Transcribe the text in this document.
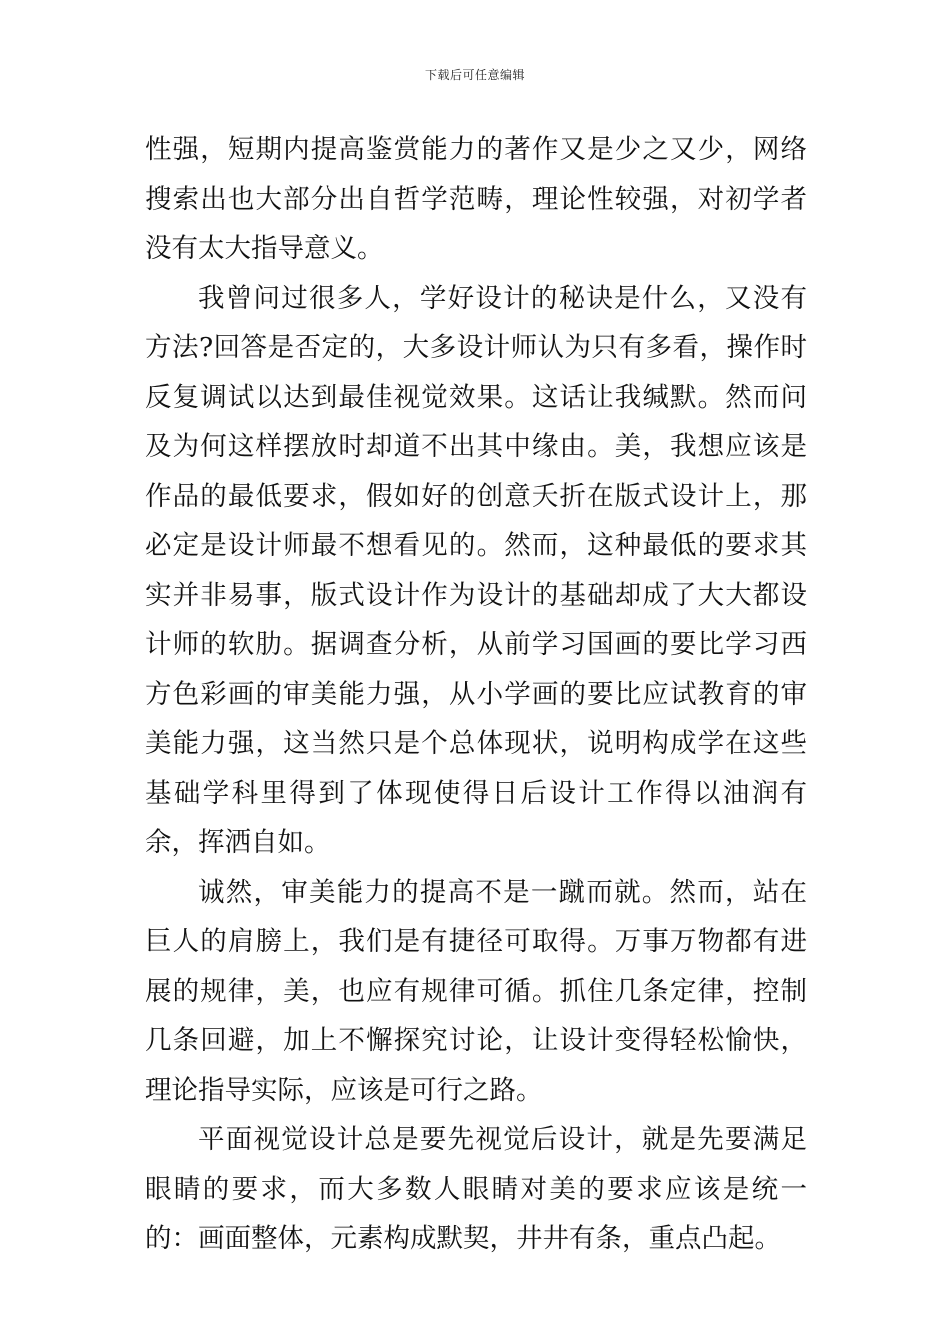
下载后可任意编辑

性强，短期内提高鉴赏能力的著作又是少之又少，网络搜索出也大部分出自哲学范畴，理论性较强，对初学者没有太大指导意义。

我曾问过很多人，学好设计的秘诀是什么，又没有方法?回答是否定的，大多设计师认为只有多看，操作时反复调试以达到最佳视觉效果。这话让我缄默。然而问及为何这样摆放时却道不出其中缘由。美，我想应该是作品的最低要求，假如好的创意夭折在版式设计上，那必定是设计师最不想看见的。然而，这种最低的要求其实并非易事，版式设计作为设计的基础却成了大大都设计师的软肋。据调查分析，从前学习国画的要比学习西方色彩画的审美能力强，从小学画的要比应试教育的审美能力强，这当然只是个总体现状，说明构成学在这些基础学科里得到了体现使得日后设计工作得以油润有余，挥洒自如。

诚然，审美能力的提高不是一蹴而就。然而，站在巨人的肩膀上，我们是有捷径可取得。万事万物都有进展的规律，美，也应有规律可循。抓住几条定律，控制几条回避，加上不懈探究讨论，让设计变得轻松愉快，理论指导实际，应该是可行之路。

平面视觉设计总是要先视觉后设计，就是先要满足眼睛的要求，而大多数人眼睛对美的要求应该是统一的：画面整体，元素构成默契，井井有条，重点凸起。
